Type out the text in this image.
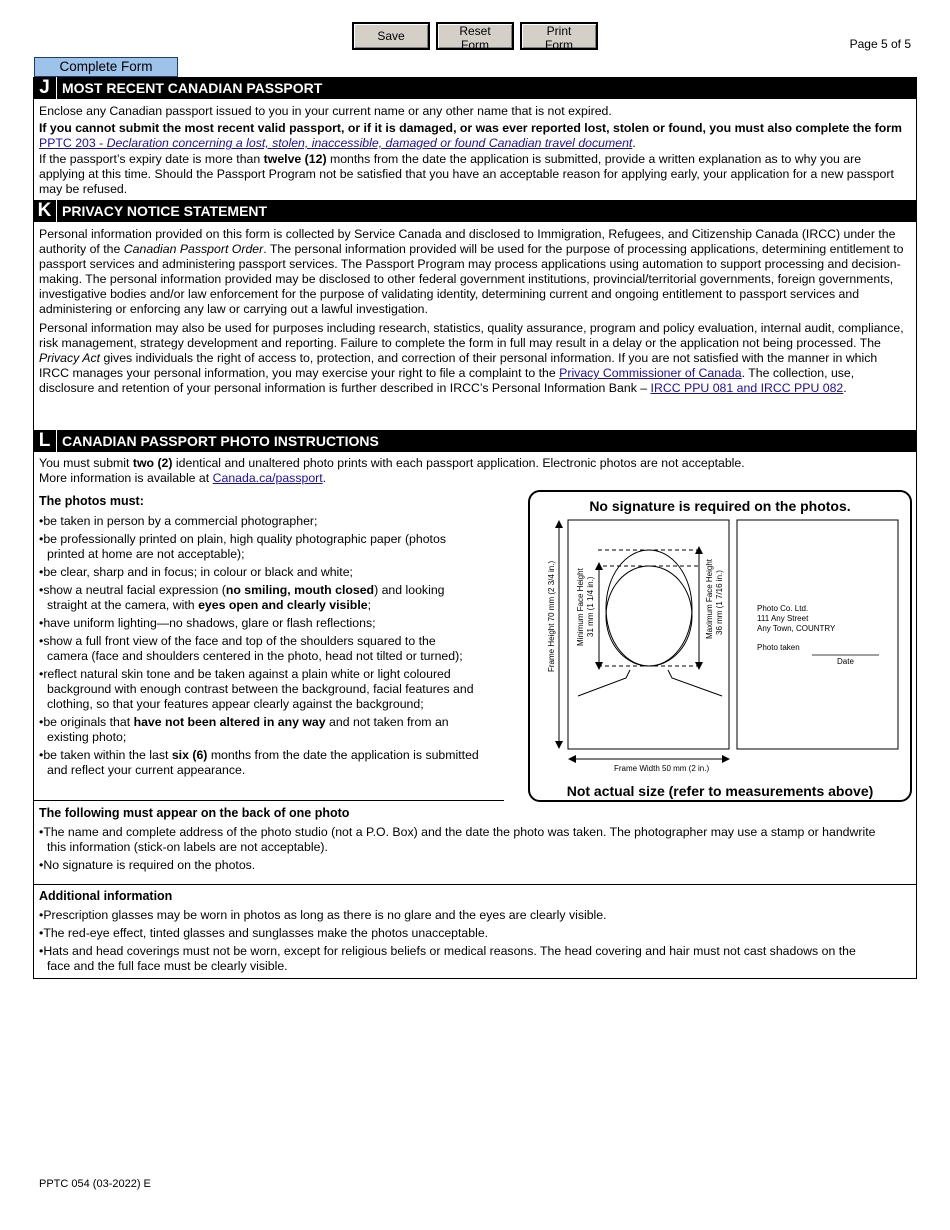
Save	Reset Form
Print Form	Page 5 of 5
Complete Form
J MOST RECENT CANADIAN PASSPORT

Enclose any Canadian passport issued to you in your current name or any other name that is not expired.

If you cannot submit the most recent valid passport, or if it is damaged, or was ever reported lost, stolen or found, you must also complete the form PPTC 203 - Declaration concerning a lost, stolen, inaccessible, damaged or found Canadian travel document.

If the passport’s expiry date is more than twelve (12) months from the date the application is submitted, provide a written explanation as to why you are applying at this time. Should the Passport Program not be satisfied that you have an acceptable reason for applying early, your application for a new passport may be refused.

K PRIVACY NOTICE STATEMENT

Personal information provided on this form is collected by Service Canada and disclosed to Immigration, Refugees, and Citizenship Canada (IRCC) under the authority of the Canadian Passport Order. The personal information provided will be used for the purpose of processing applications, determining entitlement to passport services and administering passport services. The Passport Program may process applications using automation to support processing and decision-making. The personal information provided may be disclosed to other federal government institutions, provincial/territorial governments, foreign governments, investigative bodies and/or law enforcement for the purpose of validating identity, determining current and ongoing entitlement to passport services and administering or enforcing any law or carrying out a lawful investigation.

Personal information may also be used for purposes including research, statistics, quality assurance, program and policy evaluation, internal audit, compliance, risk management, strategy development and reporting. Failure to complete the form in full may result in a delay or the application not being processed. The Privacy Act gives individuals the right of access to, protection, and correction of their personal information. If you are not satisfied with the manner in which IRCC manages your personal information, you may exercise your right to file a complaint to the Privacy Commissioner of Canada. The collection, use, disclosure and retention of your personal information is further described in IRCC’s Personal Information Bank – IRCC PPU 081 and IRCC PPU 082.

L CANADIAN PASSPORT PHOTO INSTRUCTIONS

You must submit two (2) identical and unaltered photo prints with each passport application. Electronic photos are not acceptable.
More information is available at Canada.ca/passport.

The photos must:
• be taken in person by a commercial photographer;
• be professionally printed on plain, high quality photographic paper (photos printed at home are not acceptable);
• be clear, sharp and in focus; in colour or black and white;
• show a neutral facial expression (no smiling, mouth closed) and looking straight at the camera, with eyes open and clearly visible;
• have uniform lighting—no shadows, glare or flash reflections;
• show a full front view of the face and top of the shoulders squared to the camera (face and shoulders centered in the photo, head not tilted or turned);
• reflect natural skin tone and be taken against a plain white or light coloured background with enough contrast between the background, facial features and clothing, so that your features appear clearly against the background;
• be originals that have not been altered in any way and not taken from an existing photo;
• be taken within the last six (6) months from the date the application is submitted and reflect your current appearance.
No signature is required on the photos.
Frame Height 70 mm (2 3/4 in.)	Minimum Face Height 31 mm (1 1/4 in.)	Maximum Face Height 36 mm (1 7/16 in.)
Frame Width 50 mm (2 in.)
Photo Co. Ltd.
111 Any Street
Any Town, COUNTRY
Photo taken
Date
Not actual size (refer to measurements above)
The following must appear on the back of one photo
• The name and complete address of the photo studio (not a P.O. Box) and the date the photo was taken. The photographer may use a stamp or handwrite this information (stick-on labels are not acceptable).
• No signature is required on the photos.
Additional information
• Prescription glasses may be worn in photos as long as there is no glare and the eyes are clearly visible.
• The red-eye effect, tinted glasses and sunglasses make the photos unacceptable.
• Hats and head coverings must not be worn, except for religious beliefs or medical reasons. The head covering and hair must not cast shadows on the face and the full face must be clearly visible.
PPTC 054 (03-2022) E
